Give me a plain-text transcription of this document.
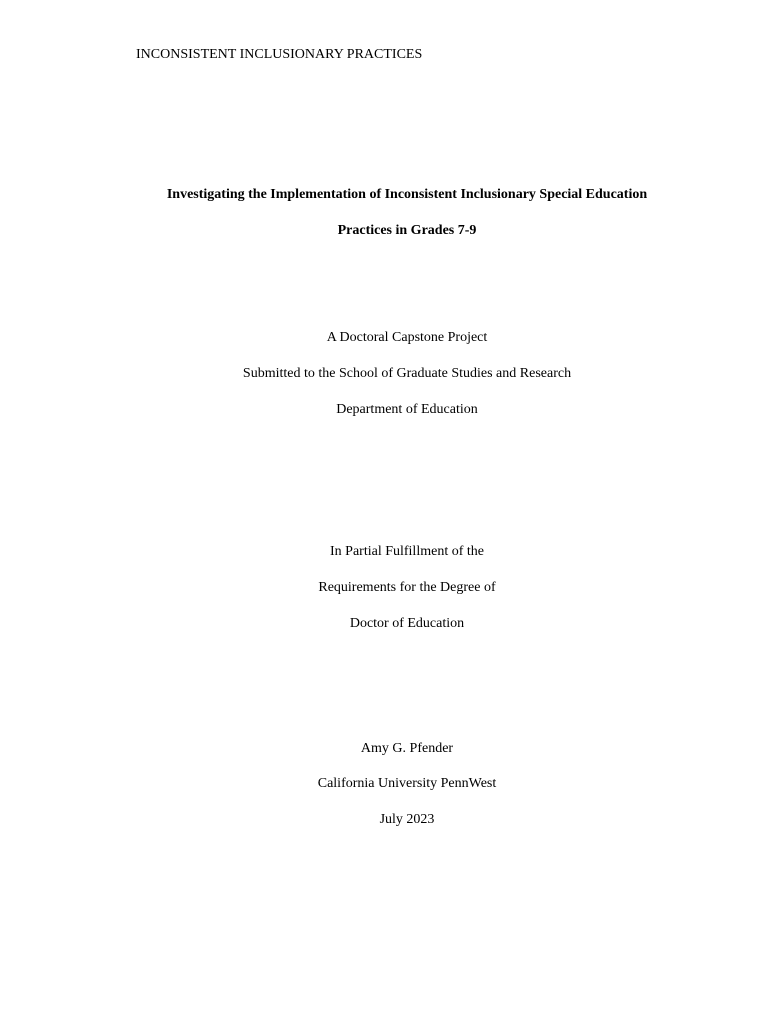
INCONSISTENT INCLUSIONARY PRACTICES
Investigating the Implementation of Inconsistent Inclusionary Special Education
Practices in Grades 7-9
A Doctoral Capstone Project
Submitted to the School of Graduate Studies and Research
Department of Education
In Partial Fulfillment of the
Requirements for the Degree of
Doctor of Education
Amy G. Pfender
California University PennWest
July 2023
